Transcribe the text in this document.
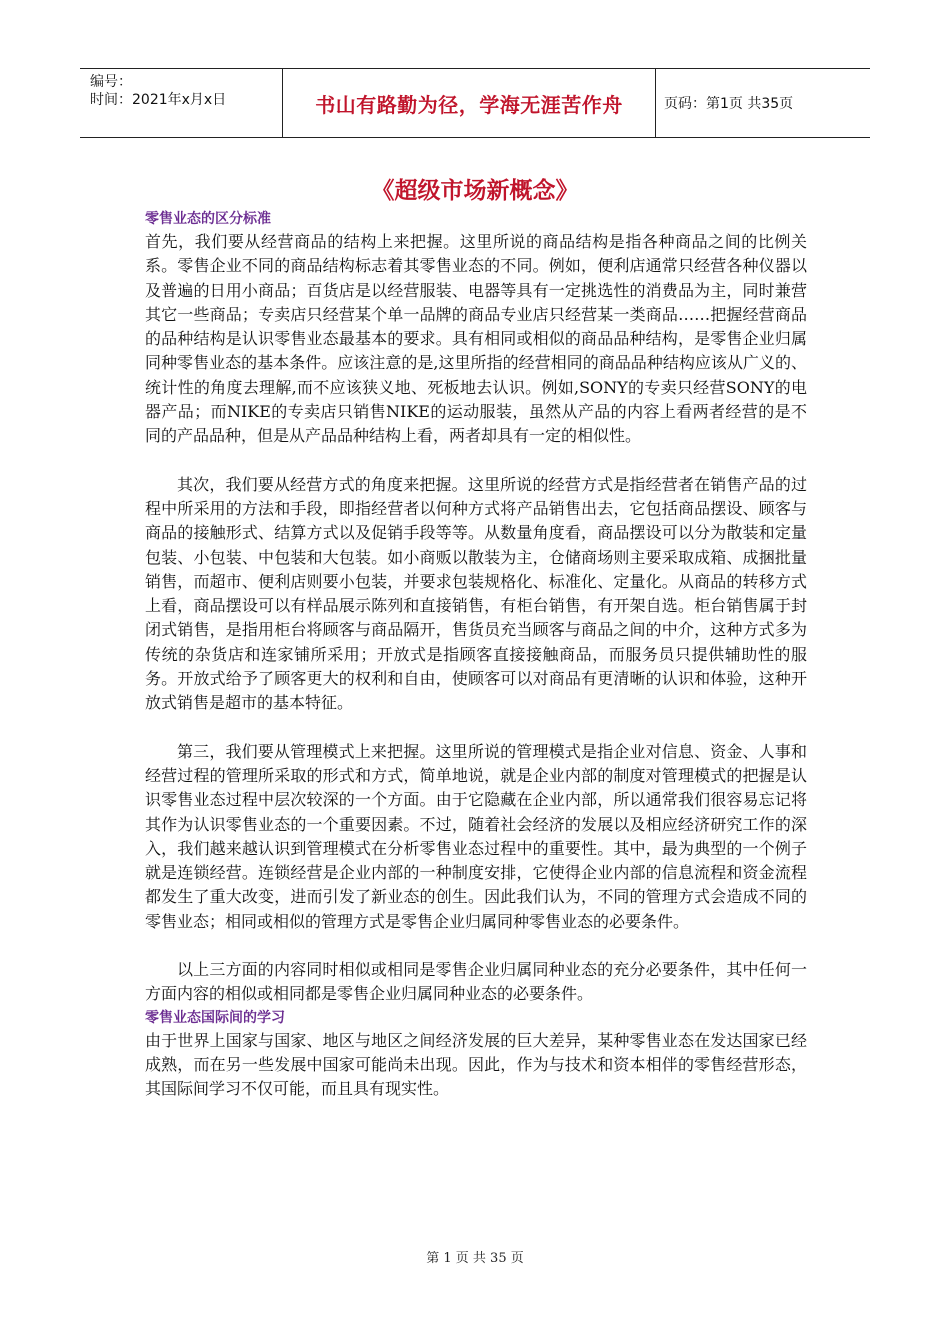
编号：
时间：2021年x月x日	书山有路勤为径，学海无涯苦作舟	页码：第1页 共35页
《超级市场新概念》

零售业态的区分标准

首先，我们要从经营商品的结构上来把握。这里所说的商品结构是指各种商品之间的比例关系。零售企业不同的商品结构标志着其零售业态的不同。例如，便利店通常只经营各种仪器以及普遍的日用小商品；百货店是以经营服装、电器等具有一定挑选性的消费品为主，同时兼营其它一些商品；专卖店只经营某个单一品牌的商品专业店只经营某一类商品……把握经营商品的品种结构是认识零售业态最基本的要求。具有相同或相似的商品品种结构，是零售企业归属同种零售业态的基本条件。应该注意的是,这里所指的经营相同的商品品种结构应该从广义的、统计性的角度去理解,而不应该狭义地、死板地去认识。例如,SONY的专卖只经营SONY的电器产品；而NIKE的专卖店只销售NIKE的运动服装，虽然从产品的内容上看两者经营的是不同的产品品种，但是从产品品种结构上看，两者却具有一定的相似性。

其次，我们要从经营方式的角度来把握。这里所说的经营方式是指经营者在销售产品的过程中所采用的方法和手段，即指经营者以何种方式将产品销售出去，它包括商品摆设、顾客与商品的接触形式、结算方式以及促销手段等等。从数量角度看，商品摆设可以分为散装和定量包装、小包装、中包装和大包装。如小商贩以散装为主，仓储商场则主要采取成箱、成捆批量销售，而超市、便利店则要小包装，并要求包装规格化、标准化、定量化。从商品的转移方式上看，商品摆设可以有样品展示陈列和直接销售，有柜台销售，有开架自选。柜台销售属于封闭式销售，是指用柜台将顾客与商品隔开，售货员充当顾客与商品之间的中介，这种方式多为传统的杂货店和连家铺所采用；开放式是指顾客直接接触商品，而服务员只提供辅助性的服务。开放式给予了顾客更大的权利和自由，使顾客可以对商品有更清晰的认识和体验，这种开放式销售是超市的基本特征。

第三，我们要从管理模式上来把握。这里所说的管理模式是指企业对信息、资金、人事和经营过程的管理所采取的形式和方式，简单地说，就是企业内部的制度对管理模式的把握是认识零售业态过程中层次较深的一个方面。由于它隐藏在企业内部，所以通常我们很容易忘记将其作为认识零售业态的一个重要因素。不过，随着社会经济的发展以及相应经济研究工作的深入，我们越来越认识到管理模式在分析零售业态过程中的重要性。其中，最为典型的一个例子就是连锁经营。连锁经营是企业内部的一种制度安排，它使得企业内部的信息流程和资金流程都发生了重大改变，进而引发了新业态的创生。因此我们认为，不同的管理方式会造成不同的零售业态；相同或相似的管理方式是零售企业归属同种零售业态的必要条件。

以上三方面的内容同时相似或相同是零售企业归属同种业态的充分必要条件，其中任何一方面内容的相似或相同都是零售企业归属同种业态的必要条件。

零售业态国际间的学习

由于世界上国家与国家、地区与地区之间经济发展的巨大差异，某种零售业态在发达国家已经成熟，而在另一些发展中国家可能尚未出现。因此，作为与技术和资本相伴的零售经营形态，其国际间学习不仅可能，而且具有现实性。

第 1 页 共 35 页
